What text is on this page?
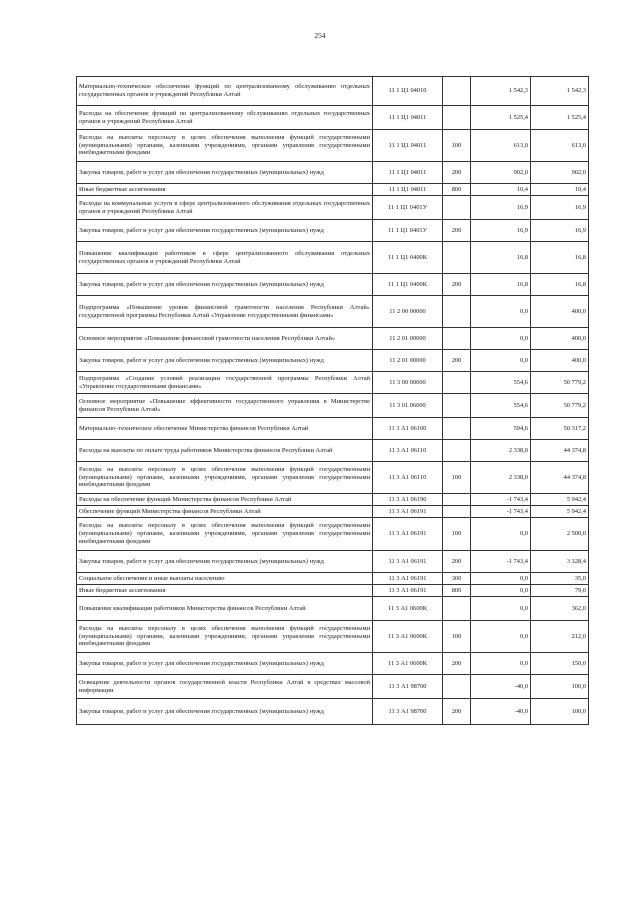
254
Материально-техническое обеспечение функций по централизованному обслуживанию отдельных государственных органов и учреждений Республики Алтай	11 1 Ц1 04010		1 542,3	1 542,3
Расходы на обеспечение функций по централизованному обслуживанию отдельных государственных органов и учреждений Республики Алтай	11 1 Ц1 04011		1 525,4	1 525,4
Расходы на выплаты персоналу в целях обеспечения выполнения функций государственными (муниципальными) органами, казенными учреждениями, органами управления государственными внебюджетными фондами	11 1 Ц1 04011	100	613,0	613,0
Закупка товаров, работ и услуг для обеспечения государственных (муниципальных) нужд	11 1 Ц1 04011	200	902,0	902,0
Иные бюджетные ассигнования	11 1 Ц1 04011	800	10,4	10,4
Расходы на коммунальные услуги в сфере централизованного обслуживания отдельных государственных органов и учреждений Республики Алтай	11 1 Ц1 0401У		16,9	16,9
Закупка товаров, работ и услуг для обеспечения государственных (муниципальных) нужд	11 1 Ц1 0401У	200	16,9	16,9
Повышение квалификации работников в сфере централизованного обслуживания отдельных государственных органов и учреждений Республики Алтай	11 1 Ц1 0400К		16,8	16,8
Закупка товаров, работ и услуг для обеспечения государственных (муниципальных) нужд	11 1 Ц1 0400К	200	16,8	16,8
Подпрограмма «Повышение уровня финансовой грамотности населения Республики Алтай» государственной программы Республики Алтай «Управление государственными финансами»	11 2 00 00000		0,0	400,0
Основное мероприятие «Повышение финансовой грамотности населения Республики Алтай»	11 2 01 00000		0,0	400,0
Закупка товаров, работ и услуг для обеспечения государственных (муниципальных) нужд	11 2 01 00000	200	0,0	400,0
Подпрограмма «Создание условий реализации государственной программы Республики Алтай «Управление государственными финансами»	11 3 00 00000		554,6	50 779,2
Основное мероприятие «Повышение эффективности государственного управления в Министерстве финансов Республики Алтай»	11 3 01 06000		554,6	50 779,2
Материально–техническое обеспечение Министерства финансов Республики Алтай	11 3 А1 06100		594,6	50 317,2
Расходы на выплаты по оплате труда работников Министерства финансов Республики Алтай	11 3 А1 06110		2 338,0	44 374,8
Расходы на выплаты персоналу в целях обеспечения выполнения функций государственными (муниципальными) органами, казенными учреждениями, органами управления государственными внебюджетными фондами	11 3 А1 06110	100	2 338,0	44 374,8
Расходы на обеспечение функций Министерства финансов Республики Алтай	11 3 А1 06190		-1 743,4	5 942,4
Обеспечение функций Министерства финансов Республики Алтай	11 3 А1 06191		-1 743,4	5 942,4
Расходы на выплаты персоналу в целях обеспечения выполнения функций государственными (муниципальными) органами, казенными учреждениями, органами управления государственными внебюджетными фондами	11 3 А1 06191	100	0,0	2 500,0
Закупка товаров, работ и услуг для обеспечения государственных (муниципальных) нужд	11 3 А1 06191	200	-1 743,4	3 328,4
Социальное обеспечение и иные выплаты населению	11 3 А1 06191	300	0,0	35,0
Иные бюджетные ассигнования	11 3 А1 06191	800	0,0	79,0
Повышение квалификации работников Министерства финансов Республики Алтай	11 3 А1 0600К		0,0	362,0
Расходы на выплаты персоналу в целях обеспечения выполнения функций государственными (муниципальными) органами, казенными учреждениями, органами управления государственными внебюджетными фондами	11 3 А1 0600К	100	0,0	212,0
Закупка товаров, работ и услуг для обеспечения государственных (муниципальных) нужд	11 3 А1 0600К	200	0,0	150,0
Освещение деятельности органов государственной власти Республики Алтай в средствах массовой информации	11 3 А1 98700		-40,0	100,0
Закупка товаров, работ и услуг для обеспечения государственных (муниципальных) нужд	11 3 А1 98700	200	-40,0	100,0
